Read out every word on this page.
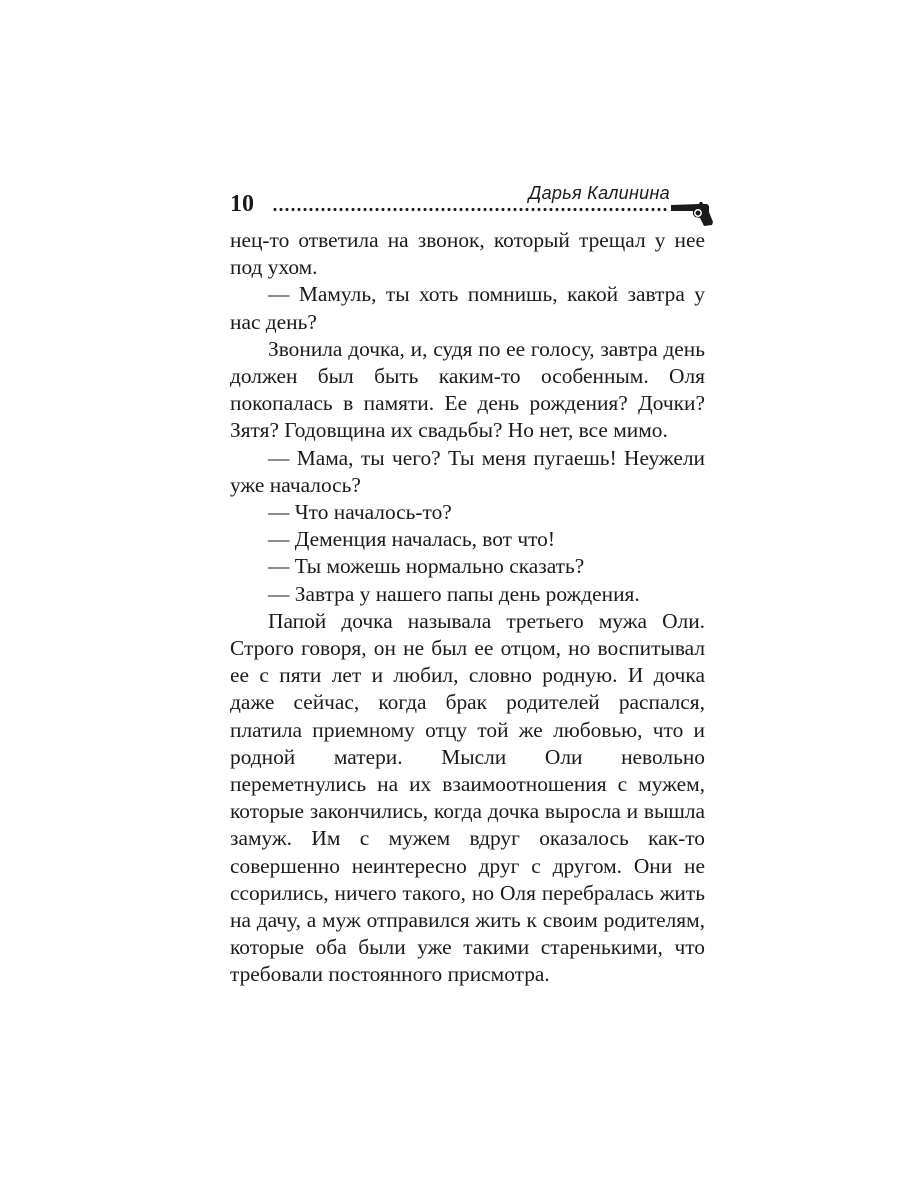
10	Дарья Калинина

нец-то ответила на звонок, который трещал у нее под ухом.

— Мамуль, ты хоть помнишь, какой завтра у нас день?

Звонила дочка, и, судя по ее голосу, завтра день должен был быть каким-то особенным. Оля покопалась в памяти. Ее день рождения? Дочки? Зятя? Годовщина их свадьбы? Но нет, все мимо.

— Мама, ты чего? Ты меня пугаешь! Неужели уже началось?

— Что началось-то?

— Деменция началась, вот что!

— Ты можешь нормально сказать?

— Завтра у нашего папы день рождения.

Папой дочка называла третьего мужа Оли. Строго говоря, он не был ее отцом, но воспитывал ее с пяти лет и любил, словно родную. И дочка даже сейчас, когда брак родителей распался, платила приемному отцу той же любовью, что и родной матери. Мысли Оли невольно переметнулись на их взаимоотношения с мужем, которые закончились, когда дочка выросла и вышла замуж. Им с мужем вдруг оказалось как-то совершенно неинтересно друг с другом. Они не ссорились, ничего такого, но Оля перебралась жить на дачу, а муж отправился жить к своим родителям, которые оба были уже такими старенькими, что требовали постоянного присмотра.
